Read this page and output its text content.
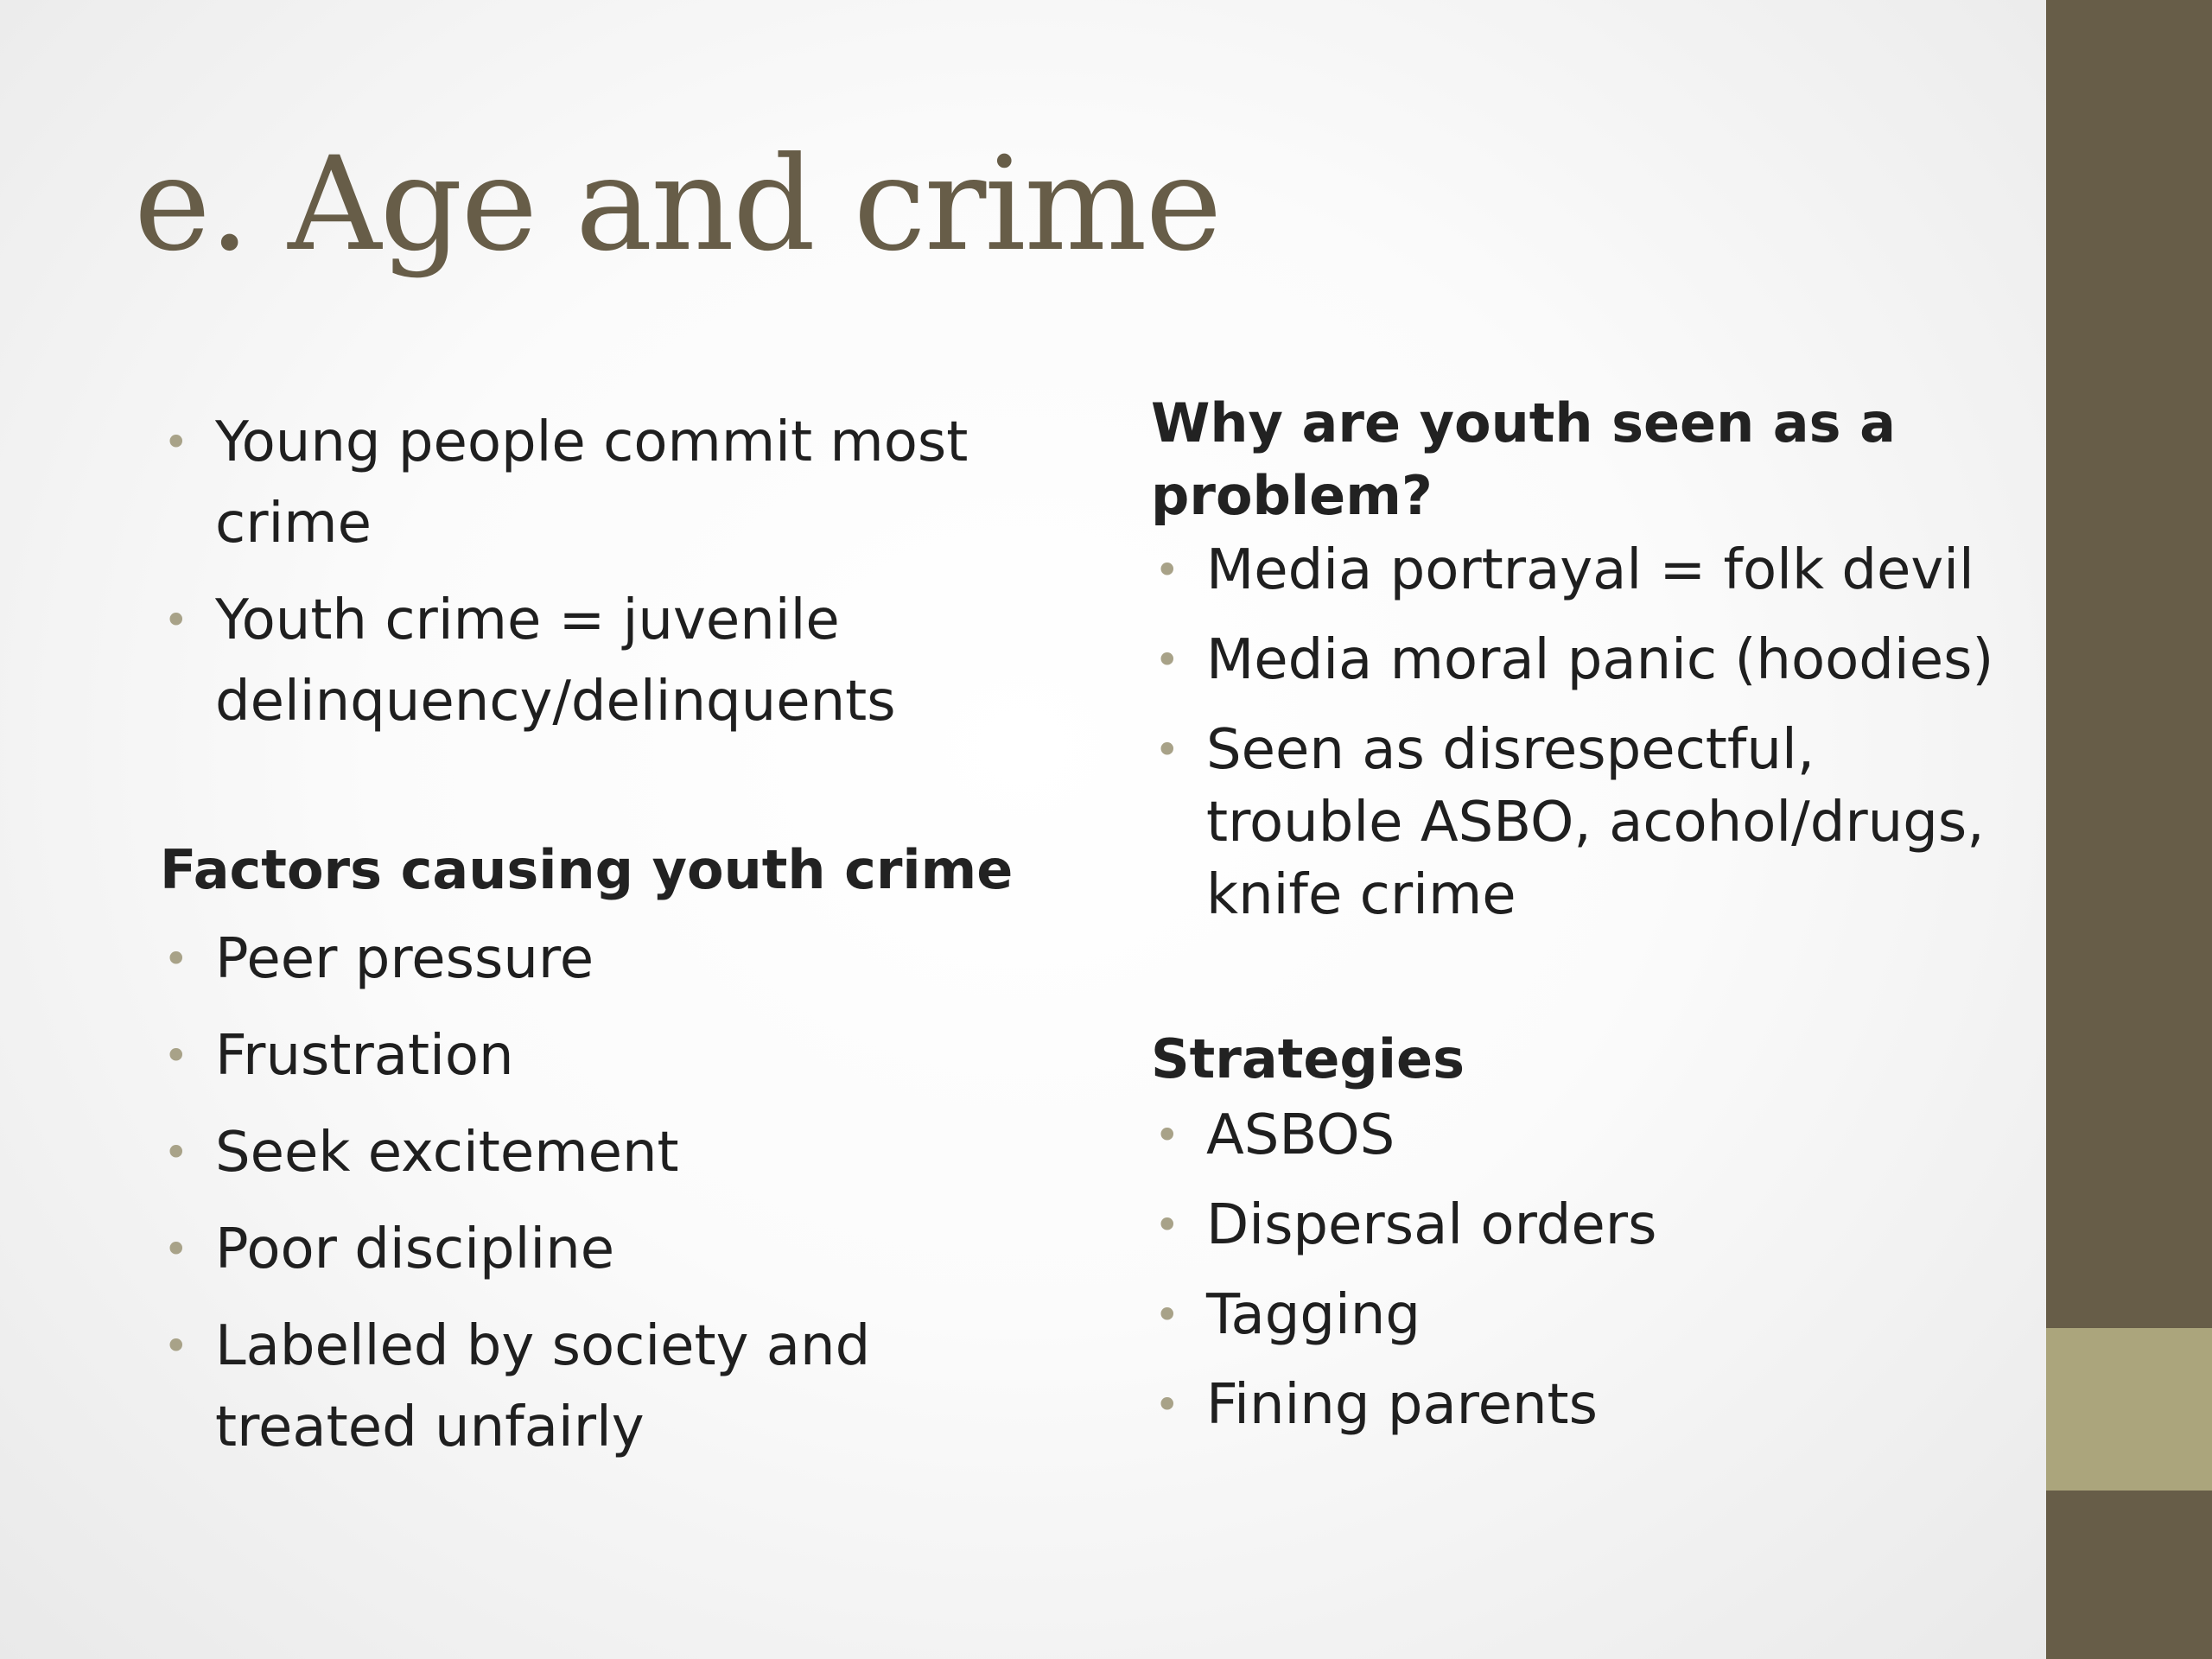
e. Age and crime
• Young people commit most crime
• Youth crime = juvenile delinquency/delinquents

Factors causing youth crime

• Peer pressure
• Frustration
• Seek excitement
• Poor discipline
• Labelled by society and treated unfairly

Why are youth seen as a problem?

• Media portrayal = folk devil
• Media moral panic (hoodies)
• Seen as disrespectful, trouble ASBO, acohol/drugs, knife crime

Strategies

• ASBOS
• Dispersal orders
• Tagging
• Fining parents
